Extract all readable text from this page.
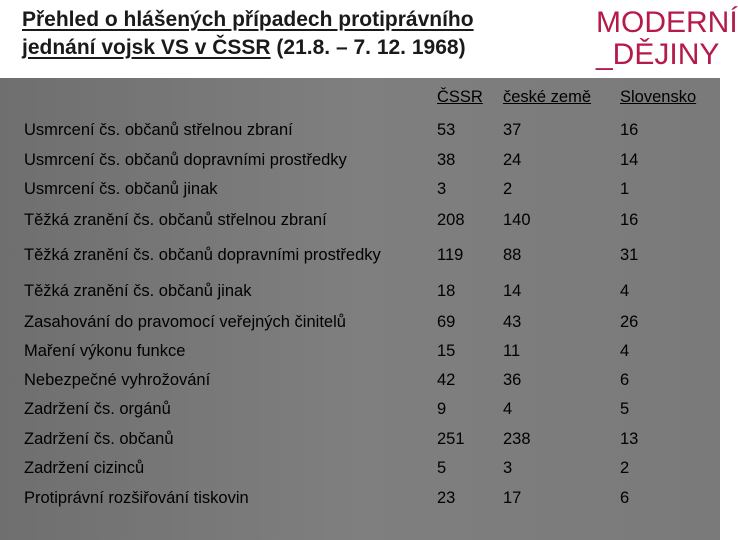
Přehled o hlášených případech protiprávního
jednání vojsk VS v ČSSR (21.8. – 7. 12. 1968)
MODERNÍ
_DĚJINY
	ČSSR	české země	Slovensko
Usmrcení čs. občanů střelnou zbraní	53	37	16
Usmrcení čs. občanů dopravními prostředky	38	24	14
Usmrcení čs. občanů jinak	3	2	1
Těžká zranění čs. občanů střelnou zbraní	208	140	16
Těžká zranění čs. občanů dopravními prostředky	119	88	31
Těžká zranění čs. občanů jinak	18	14	4
Zasahování do pravomocí veřejných činitelů	69	43	26
Maření výkonu funkce	15	11	4
Nebezpečné vyhrožování	42	36	6
Zadržení čs. orgánů	9	4	5
Zadržení čs. občanů	251	238	13
Zadržení cizinců	5	3	2
Protiprávní rozšiřování tiskovin	23	17	6
